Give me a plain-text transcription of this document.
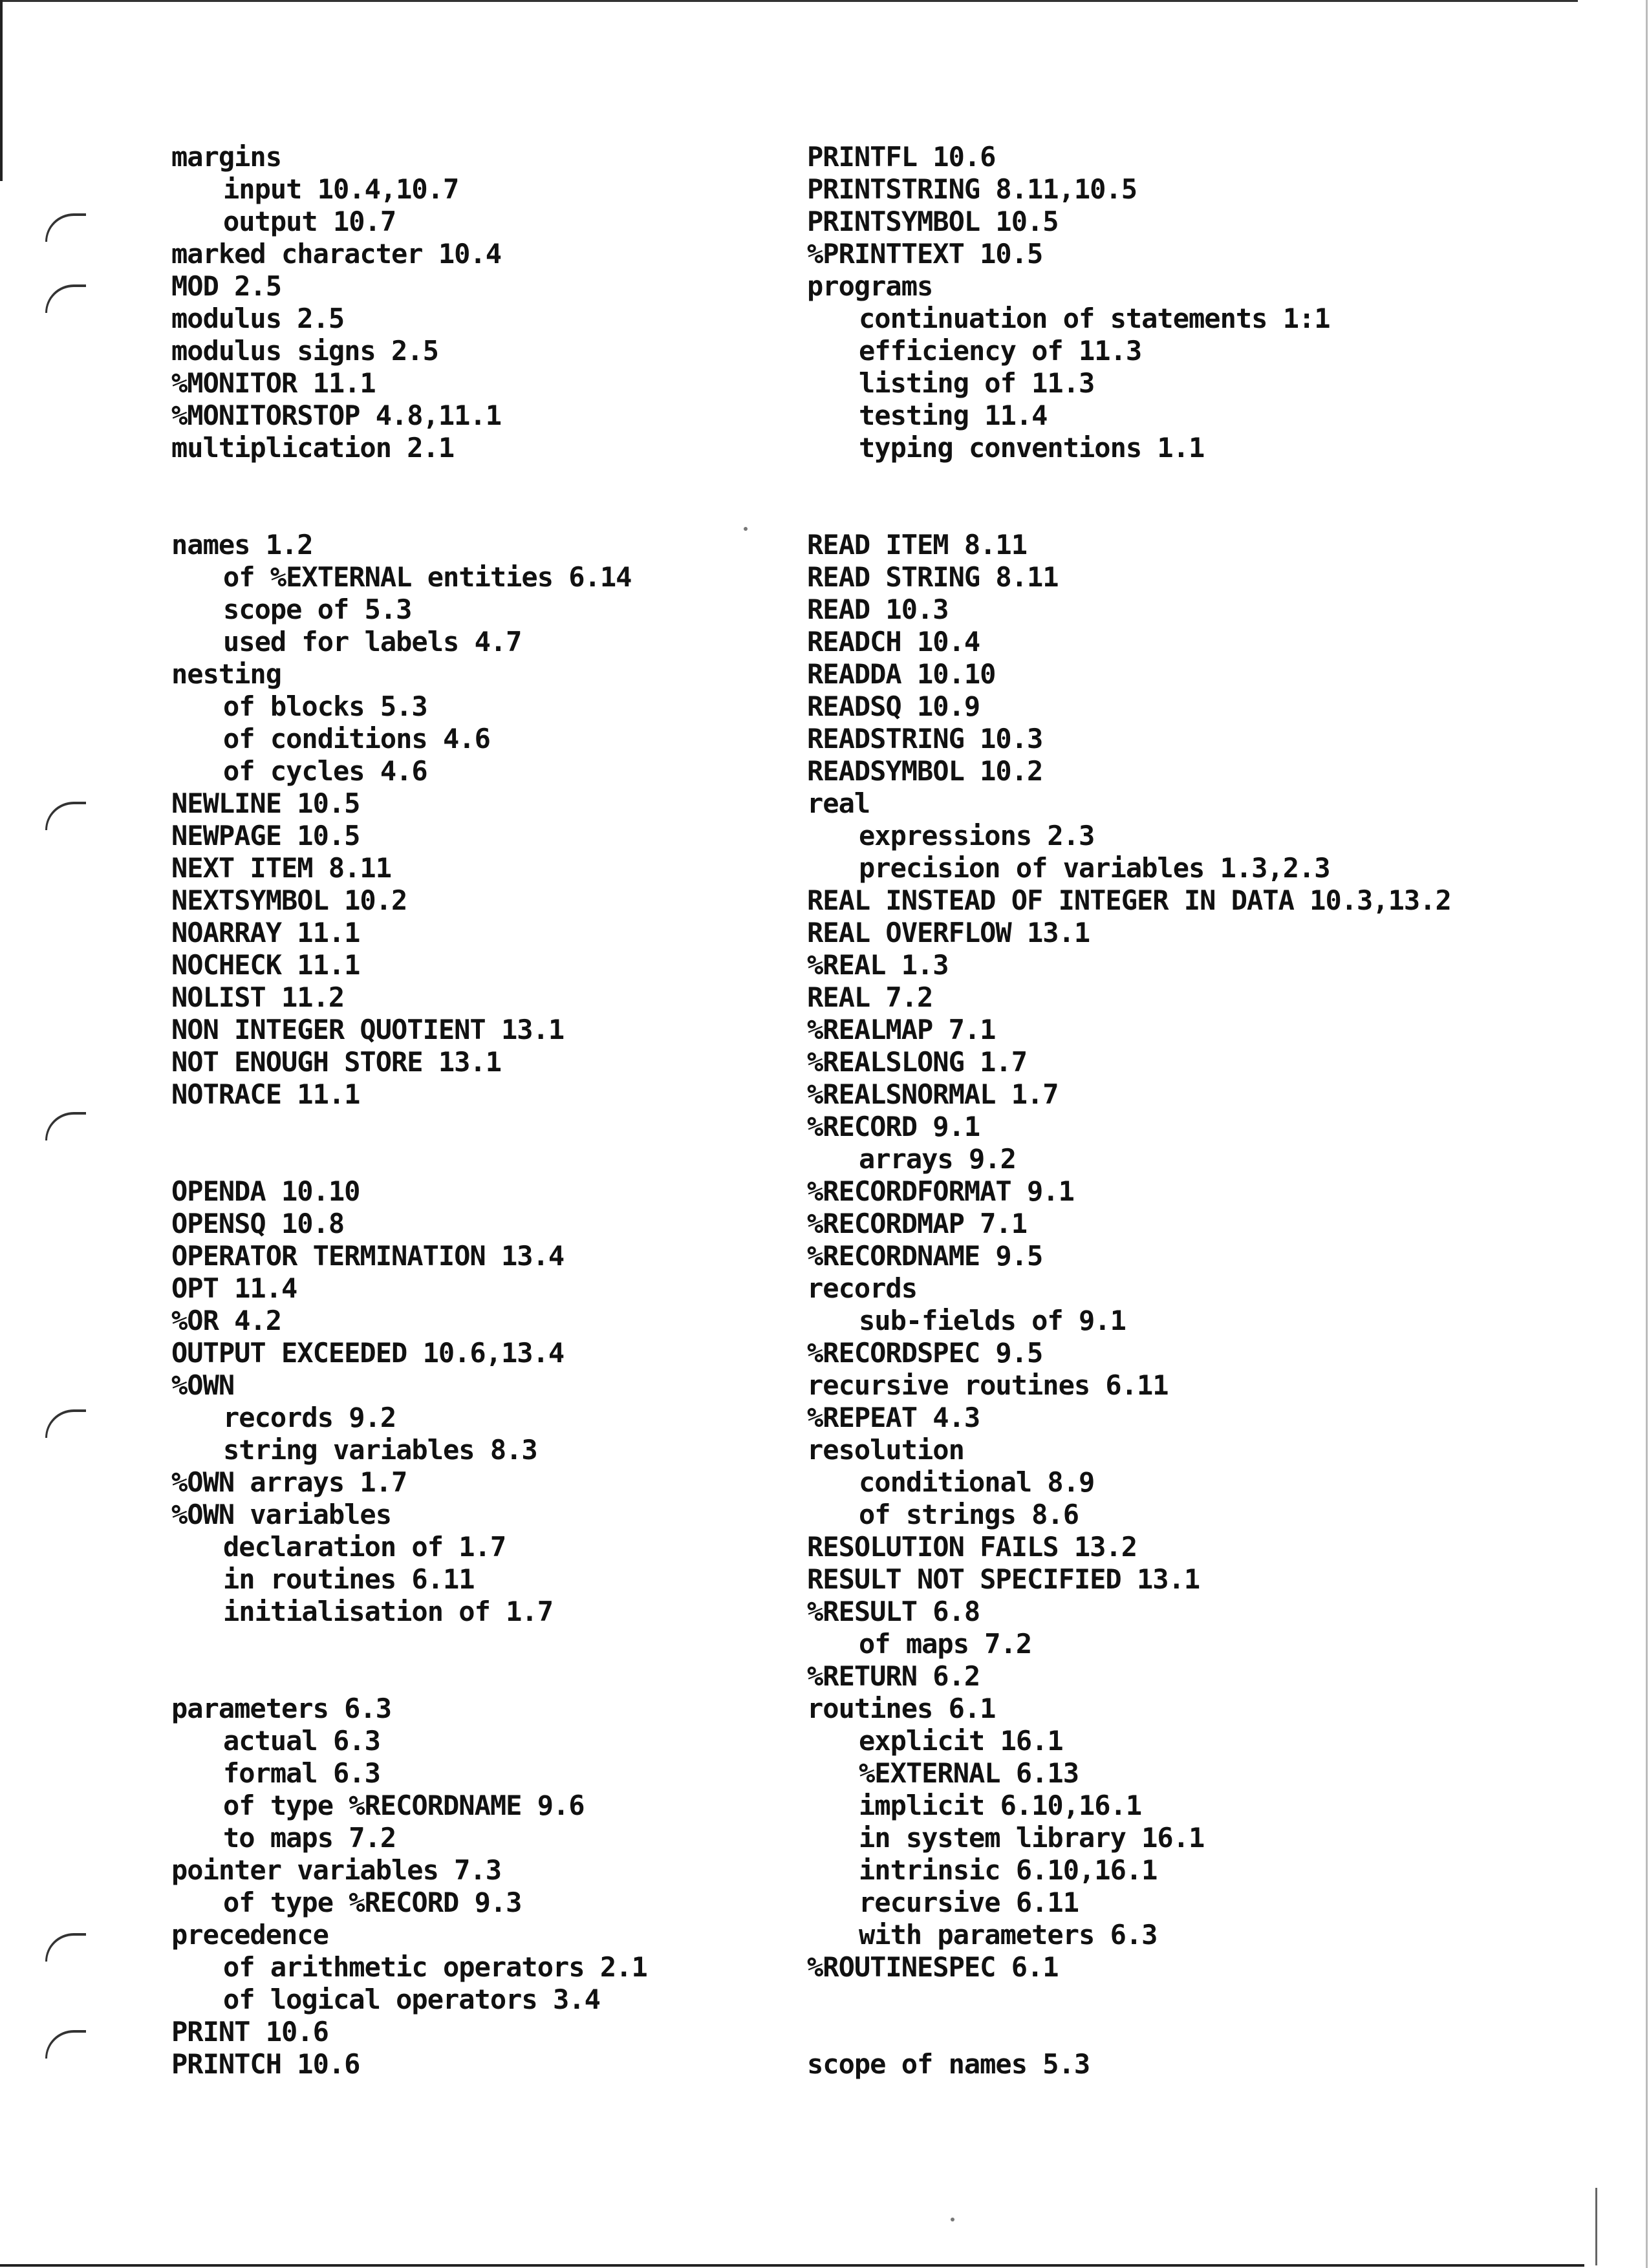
margins
input 10.4,10.7
output 10.7
marked character 10.4
MOD 2.5
modulus 2.5
modulus signs 2.5
%MONITOR 11.1
%MONITORSTOP 4.8,11.1
multiplication 2.1
names 1.2
of %EXTERNAL entities 6.14
scope of 5.3
used for labels 4.7
nesting
of blocks 5.3
of conditions 4.6
of cycles 4.6
NEWLINE 10.5
NEWPAGE 10.5
NEXT ITEM 8.11
NEXTSYMBOL 10.2
NOARRAY 11.1
NOCHECK 11.1
NOLIST 11.2
NON INTEGER QUOTIENT 13.1
NOT ENOUGH STORE 13.1
NOTRACE 11.1
OPENDA 10.10
OPENSQ 10.8
OPERATOR TERMINATION 13.4
OPT 11.4
%OR 4.2
OUTPUT EXCEEDED 10.6,13.4
%OWN
records 9.2
string variables 8.3
%OWN arrays 1.7
%OWN variables
declaration of 1.7
in routines 6.11
initialisation of 1.7
parameters 6.3
actual 6.3
formal 6.3
of type %RECORDNAME 9.6
to maps 7.2
pointer variables 7.3
of type %RECORD 9.3
precedence
of arithmetic operators 2.1
of logical operators 3.4
PRINT 10.6
PRINTCH 10.6
PRINTFL 10.6
PRINTSTRING 8.11,10.5
PRINTSYMBOL 10.5
%PRINTTEXT 10.5
programs
continuation of statements 1:1
efficiency of 11.3
listing of 11.3
testing 11.4
typing conventions 1.1
READ ITEM 8.11
READ STRING 8.11
READ 10.3
READCH 10.4
READDA 10.10
READSQ 10.9
READSTRING 10.3
READSYMBOL 10.2
real
expressions 2.3
precision of variables 1.3,2.3
REAL INSTEAD OF INTEGER IN DATA 10.3,13.2
REAL OVERFLOW 13.1
%REAL 1.3
REAL 7.2
%REALMAP 7.1
%REALSLONG 1.7
%REALSNORMAL 1.7
%RECORD 9.1
arrays 9.2
%RECORDFORMAT 9.1
%RECORDMAP 7.1
%RECORDNAME 9.5
records
sub-fields of 9.1
%RECORDSPEC 9.5
recursive routines 6.11
%REPEAT 4.3
resolution
conditional 8.9
of strings 8.6
RESOLUTION FAILS 13.2
RESULT NOT SPECIFIED 13.1
%RESULT 6.8
of maps 7.2
%RETURN 6.2
routines 6.1
explicit 16.1
%EXTERNAL 6.13
implicit 6.10,16.1
in system library 16.1
intrinsic 6.10,16.1
recursive 6.11
with parameters 6.3
%ROUTINESPEC 6.1
scope of names 5.3
